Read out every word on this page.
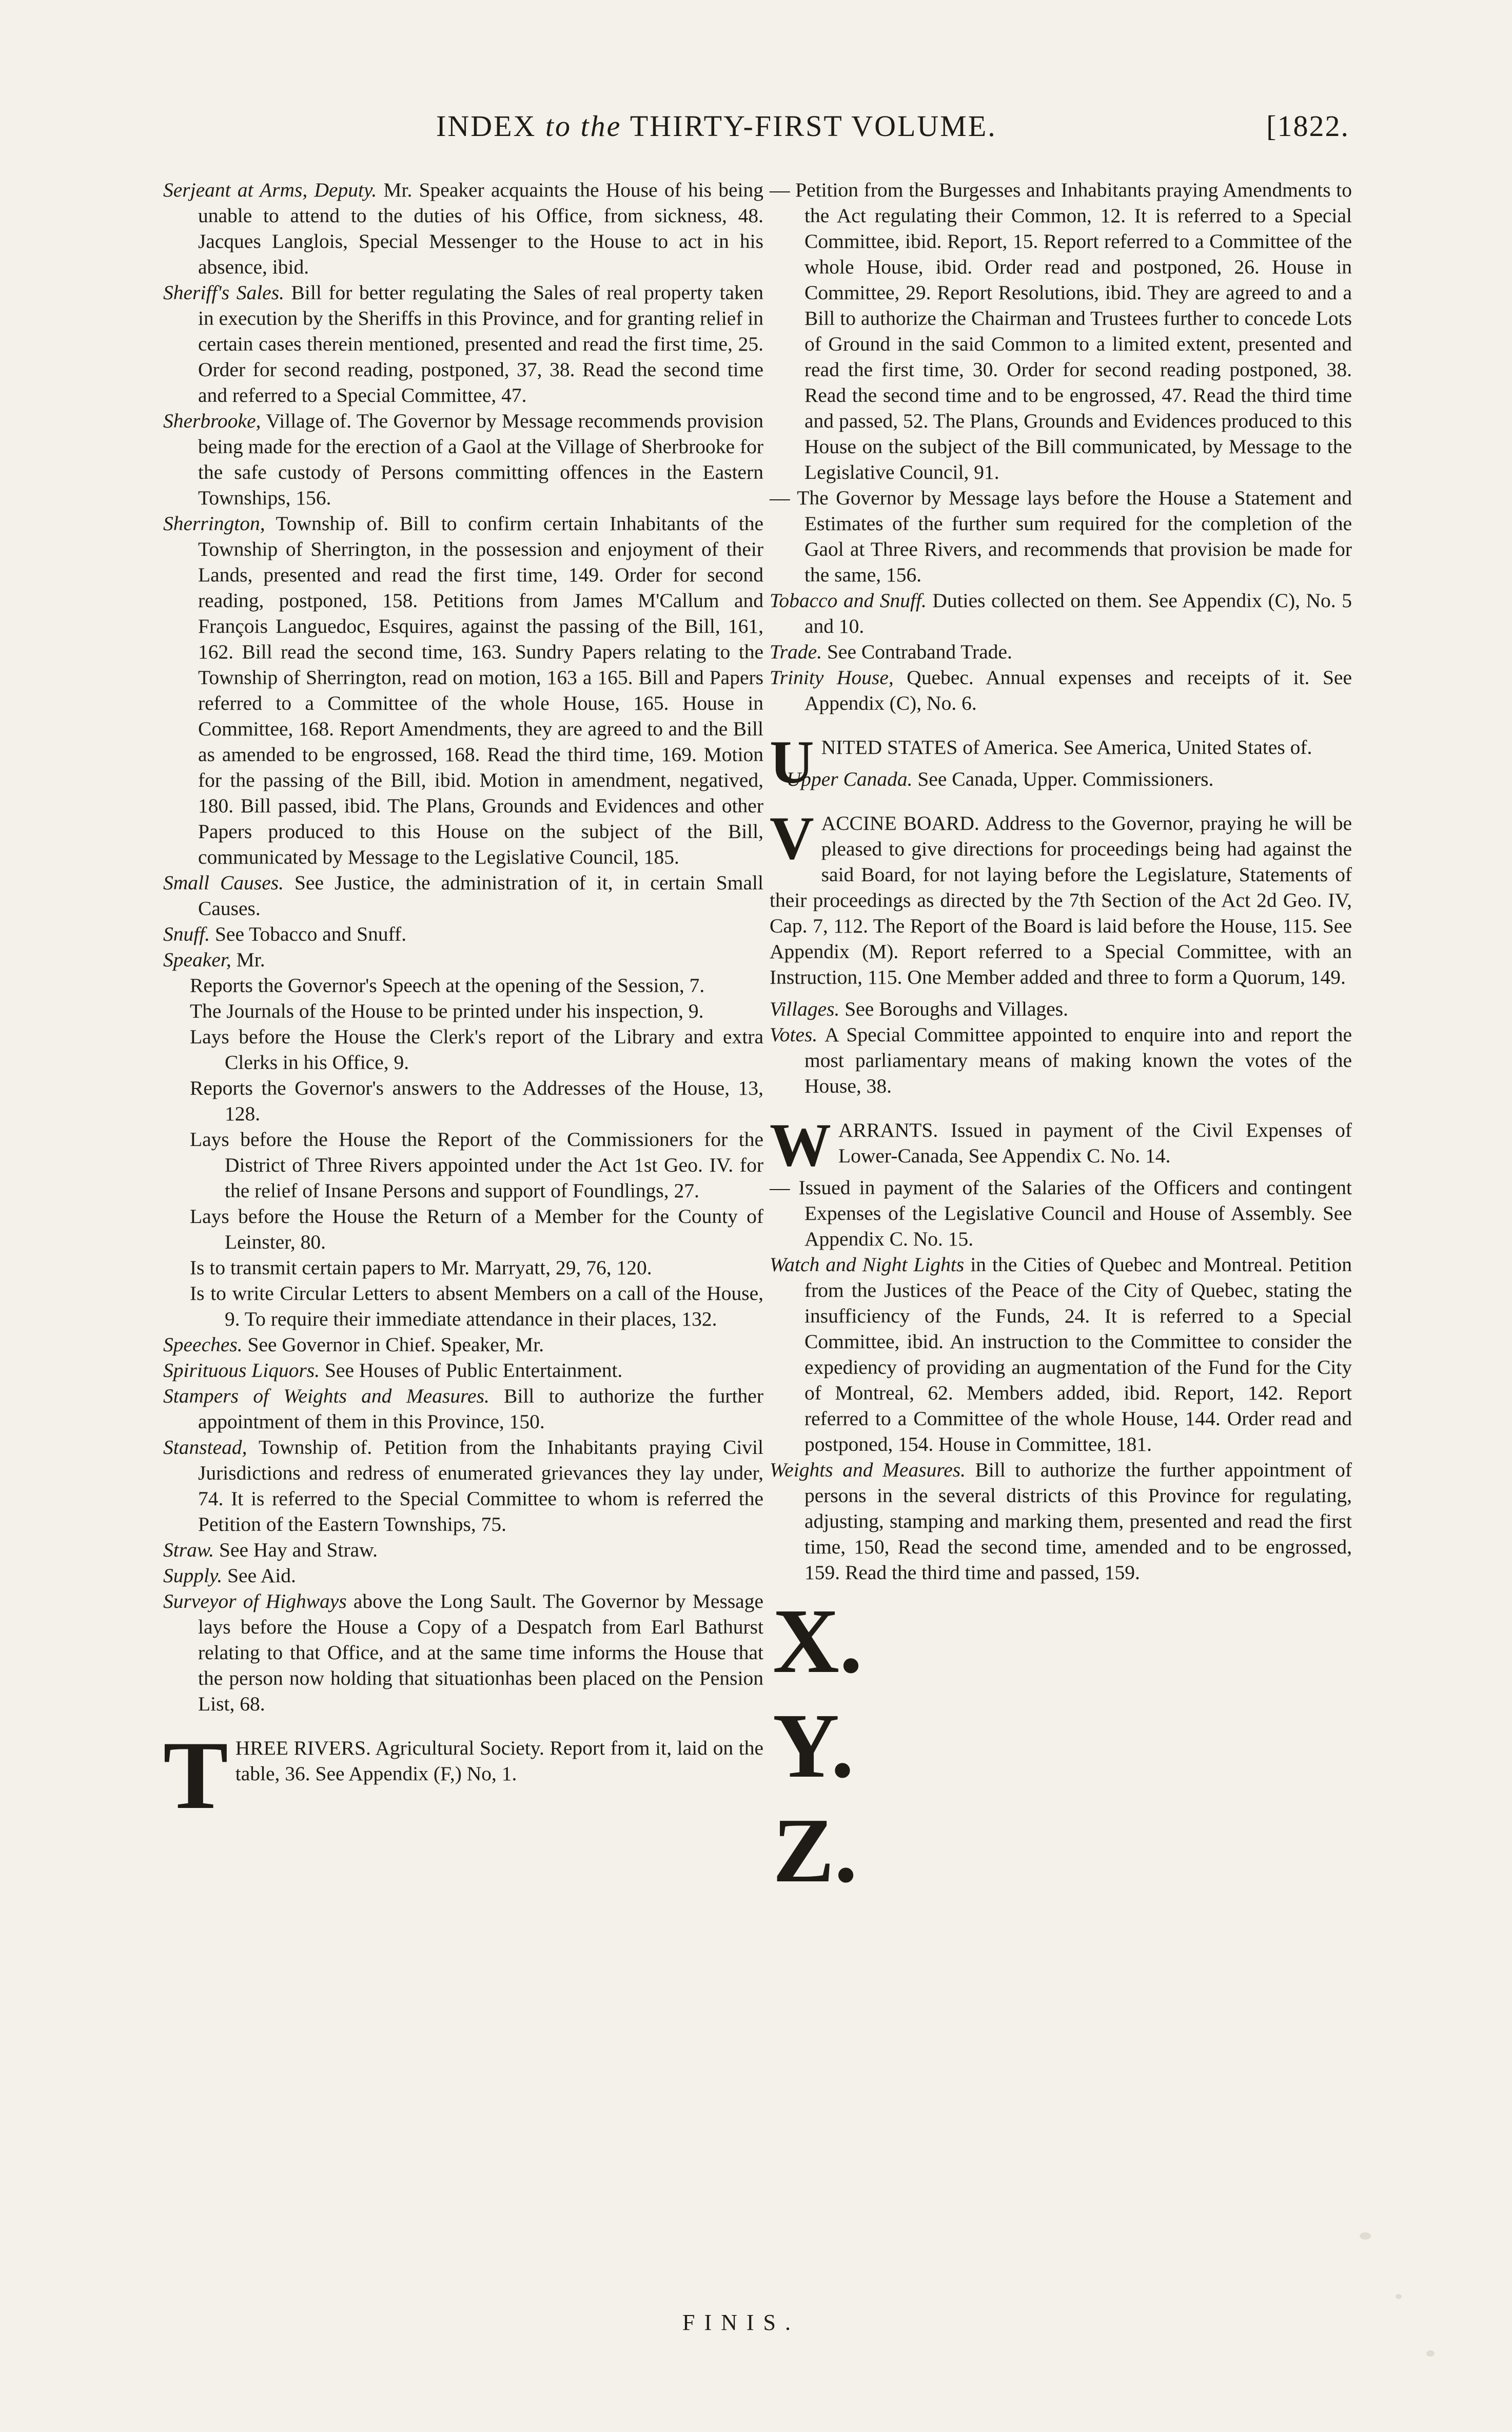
INDEX to the THIRTY-FIRST VOLUME.	[1822.

Serjeant at Arms, Deputy. Mr. Speaker acquaints the House of his being unable to attend to the duties of his Office, from sickness, 48. Jacques Langlois, Special Messenger to the House to act in his absence, ibid.

Sheriff's Sales. Bill for better regulating the Sales of real property taken in execution by the Sheriffs in this Province, and for granting relief in certain cases therein mentioned, presented and read the first time, 25. Order for second reading, postponed, 37, 38. Read the second time and referred to a Special Committee, 47.

Sherbrooke, Village of. The Governor by Message recommends provision being made for the erection of a Gaol at the Village of Sherbrooke for the safe custody of Persons committing offences in the Eastern Townships, 156.

Sherrington, Township of. Bill to confirm certain Inhabitants of the Township of Sherrington, in the possession and enjoyment of their Lands, presented and read the first time, 149. Order for second reading, postponed, 158. Petitions from James M'Callum and François Languedoc, Esquires, against the passing of the Bill, 161, 162. Bill read the second time, 163. Sundry Papers relating to the Township of Sherrington, read on motion, 163 a 165. Bill and Papers referred to a Committee of the whole House, 165. House in Committee, 168. Report Amendments, they are agreed to and the Bill as amended to be engrossed, 168. Read the third time, 169. Motion for the passing of the Bill, ibid. Motion in amendment, negatived, 180. Bill passed, ibid. The Plans, Grounds and Evidences and other Papers produced to this House on the subject of the Bill, communicated by Message to the Legislative Council, 185.

Small Causes. See Justice, the administration of it, in certain Small Causes.

Snuff. See Tobacco and Snuff.

Speaker, Mr.

Reports the Governor's Speech at the opening of the Session, 7.

The Journals of the House to be printed under his inspection, 9.

Lays before the House the Clerk's report of the Library and extra Clerks in his Office, 9.

Reports the Governor's answers to the Addresses of the House, 13, 128.

Lays before the House the Report of the Commissioners for the District of Three Rivers appointed under the Act 1st Geo. IV. for the relief of Insane Persons and support of Foundlings, 27.

Lays before the House the Return of a Member for the County of Leinster, 80.

Is to transmit certain papers to Mr. Marryatt, 29, 76, 120.

Is to write Circular Letters to absent Members on a call of the House, 9. To require their immediate attendance in their places, 132.

Speeches. See Governor in Chief. Speaker, Mr.

Spirituous Liquors. See Houses of Public Entertainment.

Stampers of Weights and Measures. Bill to authorize the further appointment of them in this Province, 150.

Stanstead, Township of. Petition from the Inhabitants praying Civil Jurisdictions and redress of enumerated grievances they lay under, 74. It is referred to the Special Committee to whom is referred the Petition of the Eastern Townships, 75.

Straw. See Hay and Straw.

Supply. See Aid.

Surveyor of Highways above the Long Sault. The Governor by Message lays before the House a Copy of a Despatch from Earl Bathurst relating to that Office, and at the same time informs the House that the person now holding that situationhas been placed on the Pension List, 68.

T HREE RIVERS. Agricultural Society. Report from it, laid on the table, 36. See Appendix (F,) No, 1.

— Petition from the Burgesses and Inhabitants praying Amendments to the Act regulating their Common, 12. It is referred to a Special Committee, ibid. Report, 15. Report referred to a Committee of the whole House, ibid. Order read and postponed, 26. House in Committee, 29. Report Resolutions, ibid. They are agreed to and a Bill to authorize the Chairman and Trustees further to concede Lots of Ground in the said Common to a limited extent, presented and read the first time, 30. Order for second reading postponed, 38. Read the second time and to be engrossed, 47. Read the third time and passed, 52. The Plans, Grounds and Evidences produced to this House on the subject of the Bill communicated, by Message to the Legislative Council, 91.

— The Governor by Message lays before the House a Statement and Estimates of the further sum required for the completion of the Gaol at Three Rivers, and recommends that provision be made for the same, 156.

Tobacco and Snuff. Duties collected on them. See Appendix (C), No. 5 and 10.

Trade. See Contraband Trade.

Trinity House, Quebec. Annual expenses and receipts of it. See Appendix (C), No. 6.

U NITED STATES of America. See America, United States of.

Upper Canada. See Canada, Upper. Commissioners.

V ACCINE BOARD. Address to the Governor, praying he will be pleased to give directions for proceedings being had against the said Board, for not laying before the Legislature, Statements of their proceedings as directed by the 7th Section of the Act 2d Geo. IV, Cap. 7, 112. The Report of the Board is laid before the House, 115. See Appendix (M). Report referred to a Special Committee, with an Instruction, 115. One Member added and three to form a Quorum, 149.

Villages. See Boroughs and Villages.

Votes. A Special Committee appointed to enquire into and report the most parliamentary means of making known the votes of the House, 38.

W ARRANTS. Issued in payment of the Civil Expenses of Lower-Canada, See Appendix C. No. 14.

— Issued in payment of the Salaries of the Officers and contingent Expenses of the Legislative Council and House of Assembly. See Appendix C. No. 15.

Watch and Night Lights in the Cities of Quebec and Montreal. Petition from the Justices of the Peace of the City of Quebec, stating the insufficiency of the Funds, 24. It is referred to a Special Committee, ibid. An instruction to the Committee to consider the expediency of providing an augmentation of the Fund for the City of Montreal, 62. Members added, ibid. Report, 142. Report referred to a Committee of the whole House, 144. Order read and postponed, 154. House in Committee, 181.

Weights and Measures. Bill to authorize the further appointment of persons in the several districts of this Province for regulating, adjusting, stamping and marking them, presented and read the first time, 150, Read the second time, amended and to be engrossed, 159. Read the third time and passed, 159.

X.
Y.
Z.
FINIS.
